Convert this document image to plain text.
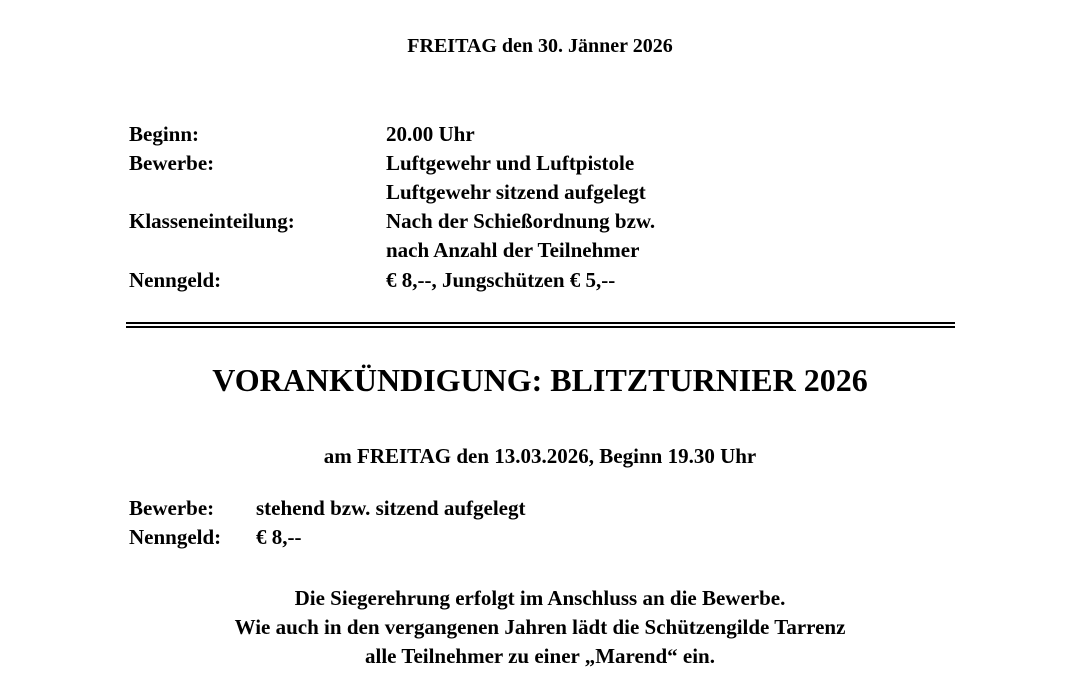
FREITAG den 30. Jänner 2026
Beginn:	20.00 Uhr
Bewerbe:	Luftgewehr und Luftpistole
Luftgewehr sitzend aufgelegt
Klasseneinteilung:	Nach der Schießordnung bzw.
nach Anzahl der Teilnehmer
Nenngeld:	€ 8,--, Jungschützen € 5,--
VORANKÜNDIGUNG: BLITZTURNIER 2026
am FREITAG den 13.03.2026, Beginn 19.30 Uhr
Bewerbe: stehend bzw. sitzend aufgelegt
Nenngeld: € 8,--
Die Siegerehrung erfolgt im Anschluss an die Bewerbe.
Wie auch in den vergangenen Jahren lädt die Schützengilde Tarrenz
alle Teilnehmer zu einer „Marend“ ein.
